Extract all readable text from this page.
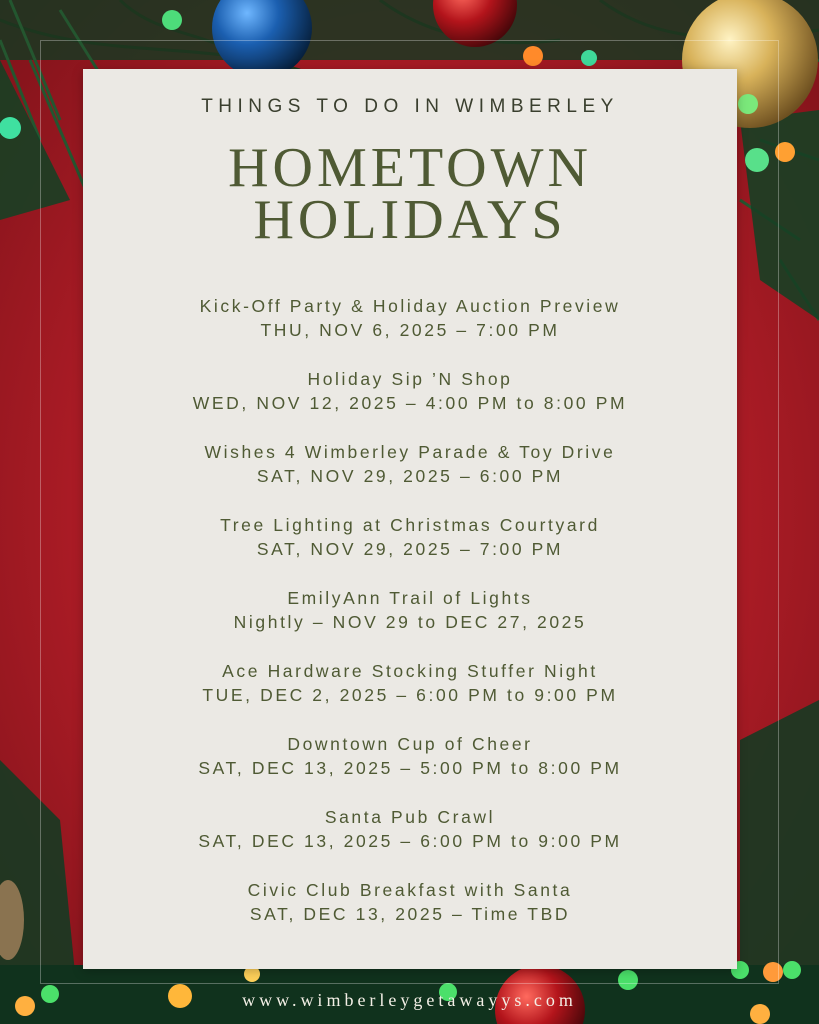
THINGS TO DO IN WIMBERLEY
HOMETOWN
HOLIDAYS
Kick-Off Party & Holiday Auction Preview
THU, NOV 6, 2025 – 7:00 PM
Holiday Sip ’N Shop
WED, NOV 12, 2025 – 4:00 PM to 8:00 PM
Wishes 4 Wimberley Parade & Toy Drive
SAT, NOV 29, 2025 – 6:00 PM
Tree Lighting at Christmas Courtyard
SAT, NOV 29, 2025 – 7:00 PM
EmilyAnn Trail of Lights
Nightly – NOV 29 to DEC 27, 2025
Ace Hardware Stocking Stuffer Night
TUE, DEC 2, 2025 – 6:00 PM to 9:00 PM
Downtown Cup of Cheer
SAT, DEC 13, 2025 – 5:00 PM to 8:00 PM
Santa Pub Crawl
SAT, DEC 13, 2025 – 6:00 PM to 9:00 PM
Civic Club Breakfast with Santa
SAT, DEC 13, 2025 – Time TBD
www.wimberleygetawayys.com
